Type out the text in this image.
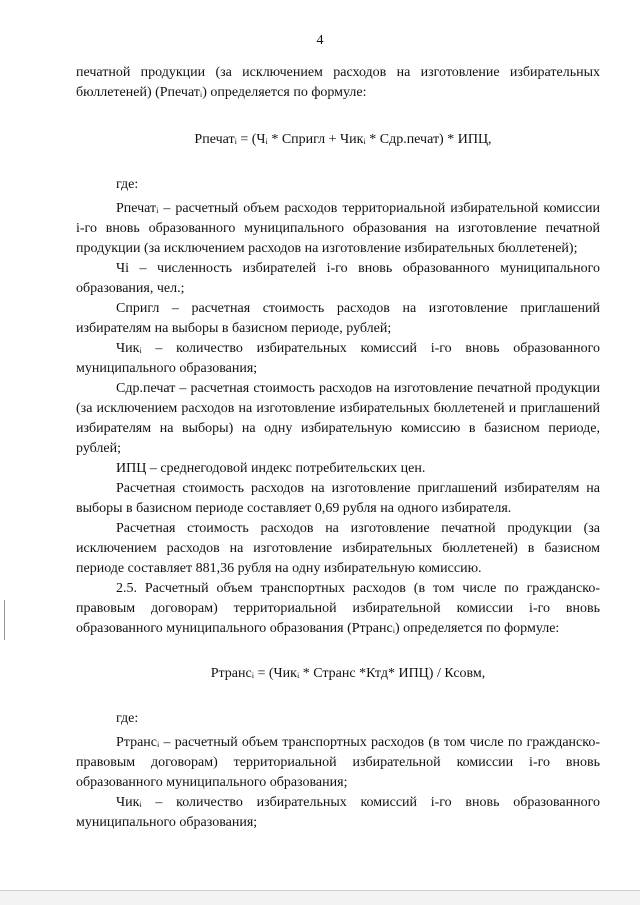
4

печатной продукции (за исключением расходов на изготовление избирательных бюллетеней) (Рпечатᵢ) определяется по формуле:

Рпечатᵢ = (Чᵢ * Спригл + Чикᵢ * Сдр.печат) * ИПЦ,

где:

Рпечатᵢ – расчетный объем расходов территориальной избирательной комиссии i-го вновь образованного муниципального образования на изготовление печатной продукции (за исключением расходов на изготовление избирательных бюллетеней);

Чi – численность избирателей i-го вновь образованного муниципального образования, чел.;

Спригл – расчетная стоимость расходов на изготовление приглашений избирателям на выборы в базисном периоде, рублей;

Чикᵢ – количество избирательных комиссий i-го вновь образованного муниципального образования;

Сдр.печат – расчетная стоимость расходов на изготовление печатной продукции (за исключением расходов на изготовление избирательных бюллетеней и приглашений избирателям на выборы) на одну избирательную комиссию в базисном периоде, рублей;

ИПЦ – среднегодовой индекс потребительских цен.

Расчетная стоимость расходов на изготовление приглашений избирателям на выборы в базисном периоде составляет 0,69 рубля на одного избирателя.

Расчетная стоимость расходов на изготовление печатной продукции (за исключением расходов на изготовление избирательных бюллетеней) в базисном периоде составляет 881,36 рубля на одну избирательную комиссию.

2.5. Расчетный объем транспортных расходов (в том числе по гражданско-правовым договорам) территориальной избирательной комиссии i-го вновь образованного муниципального образования (Ртрансᵢ) определяется по формуле:

Ртрансᵢ = (Чикᵢ * Странс *Ктд* ИПЦ) / Ксовм,

где:

Ртрансᵢ – расчетный объем транспортных расходов (в том числе по гражданско-правовым договорам) территориальной избирательной комиссии i-го вновь образованного муниципального образования;

Чикᵢ – количество избирательных комиссий i-го вновь образованного муниципального образования;
